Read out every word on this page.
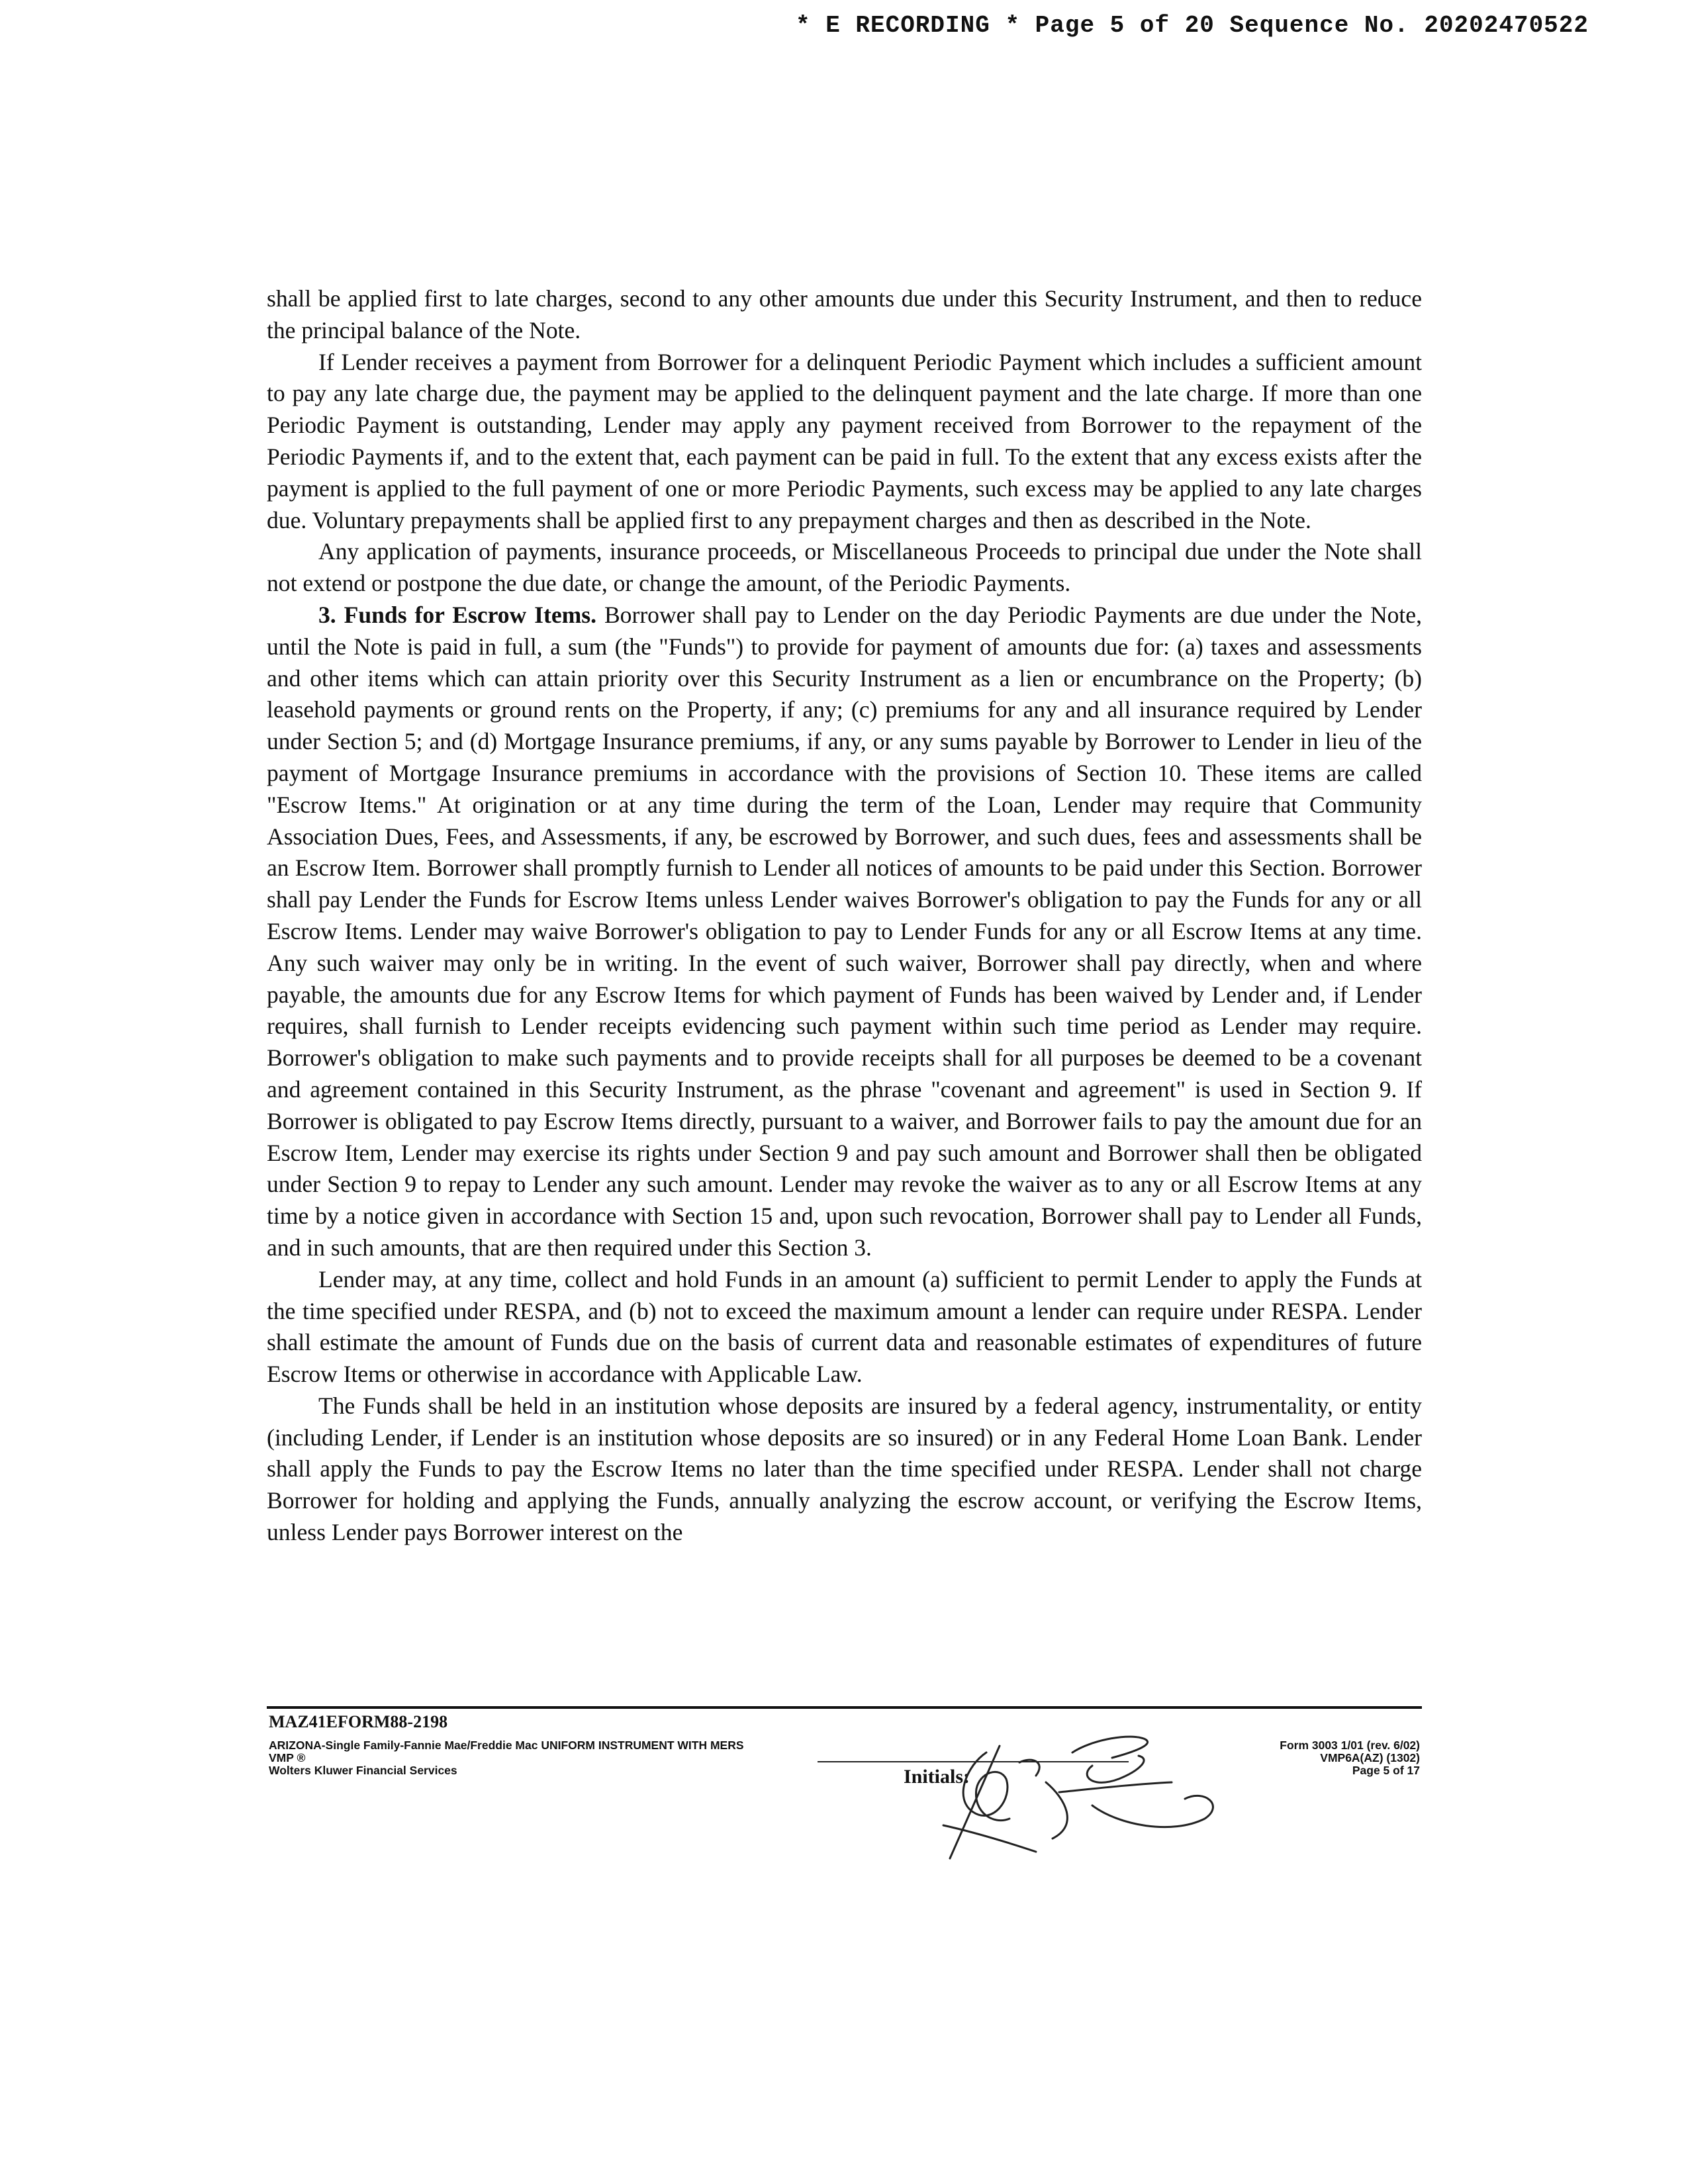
* E RECORDING * Page 5 of 20 Sequence No. 20202470522

shall be applied first to late charges, second to any other amounts due under this Security Instrument, and then to reduce the principal balance of the Note.

If Lender receives a payment from Borrower for a delinquent Periodic Payment which includes a sufficient amount to pay any late charge due, the payment may be applied to the delinquent payment and the late charge. If more than one Periodic Payment is outstanding, Lender may apply any payment received from Borrower to the repayment of the Periodic Payments if, and to the extent that, each payment can be paid in full. To the extent that any excess exists after the payment is applied to the full payment of one or more Periodic Payments, such excess may be applied to any late charges due. Voluntary prepayments shall be applied first to any prepayment charges and then as described in the Note.

Any application of payments, insurance proceeds, or Miscellaneous Proceeds to principal due under the Note shall not extend or postpone the due date, or change the amount, of the Periodic Payments.

3. Funds for Escrow Items. Borrower shall pay to Lender on the day Periodic Payments are due under the Note, until the Note is paid in full, a sum (the "Funds") to provide for payment of amounts due for: (a) taxes and assessments and other items which can attain priority over this Security Instrument as a lien or encumbrance on the Property; (b) leasehold payments or ground rents on the Property, if any; (c) premiums for any and all insurance required by Lender under Section 5; and (d) Mortgage Insurance premiums, if any, or any sums payable by Borrower to Lender in lieu of the payment of Mortgage Insurance premiums in accordance with the provisions of Section 10. These items are called "Escrow Items." At origination or at any time during the term of the Loan, Lender may require that Community Association Dues, Fees, and Assessments, if any, be escrowed by Borrower, and such dues, fees and assessments shall be an Escrow Item. Borrower shall promptly furnish to Lender all notices of amounts to be paid under this Section. Borrower shall pay Lender the Funds for Escrow Items unless Lender waives Borrower's obligation to pay the Funds for any or all Escrow Items. Lender may waive Borrower's obligation to pay to Lender Funds for any or all Escrow Items at any time. Any such waiver may only be in writing. In the event of such waiver, Borrower shall pay directly, when and where payable, the amounts due for any Escrow Items for which payment of Funds has been waived by Lender and, if Lender requires, shall furnish to Lender receipts evidencing such payment within such time period as Lender may require. Borrower's obligation to make such payments and to provide receipts shall for all purposes be deemed to be a covenant and agreement contained in this Security Instrument, as the phrase "covenant and agreement" is used in Section 9. If Borrower is obligated to pay Escrow Items directly, pursuant to a waiver, and Borrower fails to pay the amount due for an Escrow Item, Lender may exercise its rights under Section 9 and pay such amount and Borrower shall then be obligated under Section 9 to repay to Lender any such amount. Lender may revoke the waiver as to any or all Escrow Items at any time by a notice given in accordance with Section 15 and, upon such revocation, Borrower shall pay to Lender all Funds, and in such amounts, that are then required under this Section 3.

Lender may, at any time, collect and hold Funds in an amount (a) sufficient to permit Lender to apply the Funds at the time specified under RESPA, and (b) not to exceed the maximum amount a lender can require under RESPA. Lender shall estimate the amount of Funds due on the basis of current data and reasonable estimates of expenditures of future Escrow Items or otherwise in accordance with Applicable Law.

The Funds shall be held in an institution whose deposits are insured by a federal agency, instrumentality, or entity (including Lender, if Lender is an institution whose deposits are so insured) or in any Federal Home Loan Bank. Lender shall apply the Funds to pay the Escrow Items no later than the time specified under RESPA. Lender shall not charge Borrower for holding and applying the Funds, annually analyzing the escrow account, or verifying the Escrow Items, unless Lender pays Borrower interest on the

MAZ41EFORM88-2198
ARIZONA-Single Family-Fannie Mae/Freddie Mac UNIFORM INSTRUMENT WITH MERS
VMP ®
Wolters Kluwer Financial Services	Initials:
Form 3003 1/01 (rev. 6/02)
VMP6A(AZ) (1302)
Page 5 of 17
